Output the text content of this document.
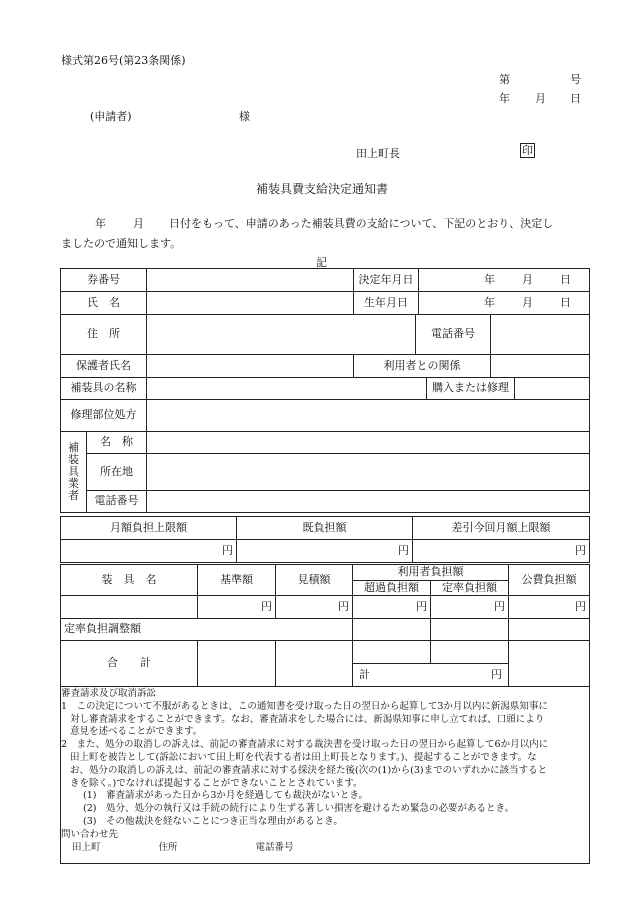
様式第26号(第23条関係)
第	号
年 月 日
(申請者)	様
田上町長	印
補装具費支給決定通知書
年 月 日付をもって、申請のあった補装具費の支給について、下記のとおり、決定し
ましたので通知します。
記
券番号		決定年月日		年 月 日	
氏　名		生年月日		年 月 日	
住　所			電話番号		
保護者氏名		利用者との関係			
補装具の名称			購入または修理	
修理部位処方				

補
装
具
業
者	名　称			
	所在地			
	電話番号			
月額負担上限額	既負担額	差引今回月額上限額
円	円	円
装　具　名	基準額	見積額	利用者負担額		公費負担額
			超過負担額	定率負担額	
	円	円	円	円	円
定率負担調整額					
合　　計					

			計 円		

審査請求及び取消訴訟

1　この決定について不服があるときは、この通知書を受け取った日の翌日から起算して3か月以内に新潟県知事に

対し審査請求をすることができます。なお、審査請求をした場合には、新潟県知事に申し立てれば、口頭により

意見を述べることができます。

2　また、処分の取消しの訴えは、前記の審査請求に対する裁決書を受け取った日の翌日から起算して6か月以内に

田上町を被告として(訴訟において田上町を代表する者は田上町長となります。)、提起することができます。な

お、処分の取消しの訴えは、前記の審査請求に対する採決を経た後(次の(1)から(3)までのいずれかに該当すると

きを除く。)でなければ提起することができないこととされています。

(1)　審査請求があった日から3か月を経過しても裁決がないとき。

(2)　処分、処分の執行又は手続の続行により生ずる著しい損害を避けるため緊急の必要があるとき。

(3)　その他裁決を経ないことにつき正当な理由があるとき。

問い合わせ先

田上町	住所	電話番号
